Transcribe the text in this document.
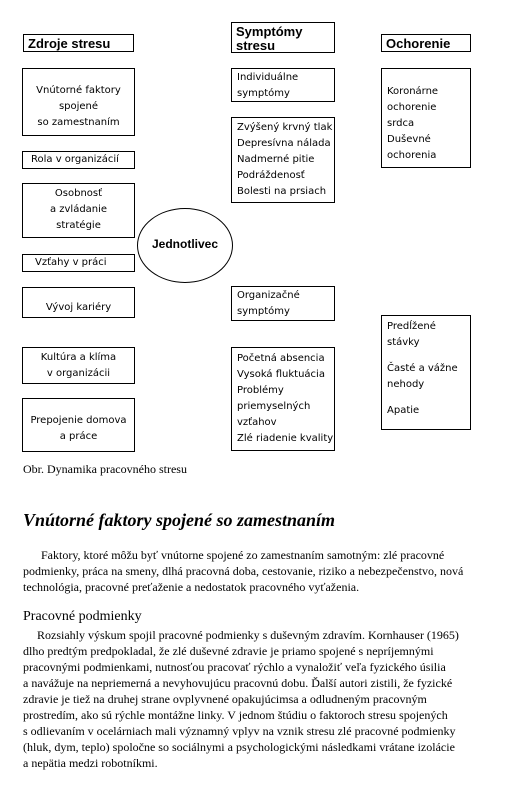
Zdroje stresu
Symptómy
stresu	Ochorenie
Vnútorné faktory
spojené
so zamestnaním
Rola v organizácií
Osobnosť
a zvládanie
stratégie
Vzťahy v práci
Vývoj kariéry
Kultúra a klíma
v organizácii
Prepojenie domova
a práce
Jednotlivec
Individuálne
symptómy
Zvýšený krvný tlak
Depresívna nálada
Nadmerné pitie
Podráždenosť
Bolesti na prsiach
Organizačné
symptómy
Početná absencia
Vysoká fluktuácia
Problémy
priemyselných
vzťahov
Zlé riadenie kvality
Koronárne
ochorenie
srdca
Duševné
ochorenia
Predĺžené
stávky
Časté a vážne
nehody
Apatie
Obr. Dynamika pracovného stresu
Vnútorné faktory spojené so zamestnaním
Faktory, ktoré môžu byť vnútorne spojené zo zamestnaním samotným: zlé pracovné
podmienky, práca na smeny, dlhá pracovná doba, cestovanie, riziko a nebezpečenstvo, nová
technológia, pracovné preťaženie a nedostatok pracovného vyťaženia.
Pracovné podmienky
Rozsiahly výskum spojil pracovné podmienky s duševným zdravím. Kornhauser (1965)
dlho predtým predpokladal, že zlé duševné zdravie je priamo spojené s nepríjemnými
pracovnými podmienkami, nutnosťou pracovať rýchlo a vynaložiť veľa fyzického úsilia
a navážuje na nepriemerná a nevyhovujúcu pracovnú dobu. Ďalší autori zistili, že fyzické
zdravie je tiež na druhej strane ovplyvnené opakujúcimsa a odludneným pracovným
prostredím, ako sú rýchle montážne linky. V jednom štúdiu o faktoroch stresu spojených
s odlievaním v ocelárniach mali významný vplyv na vznik stresu zlé pracovné podmienky
(hluk, dym, teplo) spoločne so sociálnymi a psychologickými následkami vrátane izolácie
a nepätia medzi robotníkmi.
